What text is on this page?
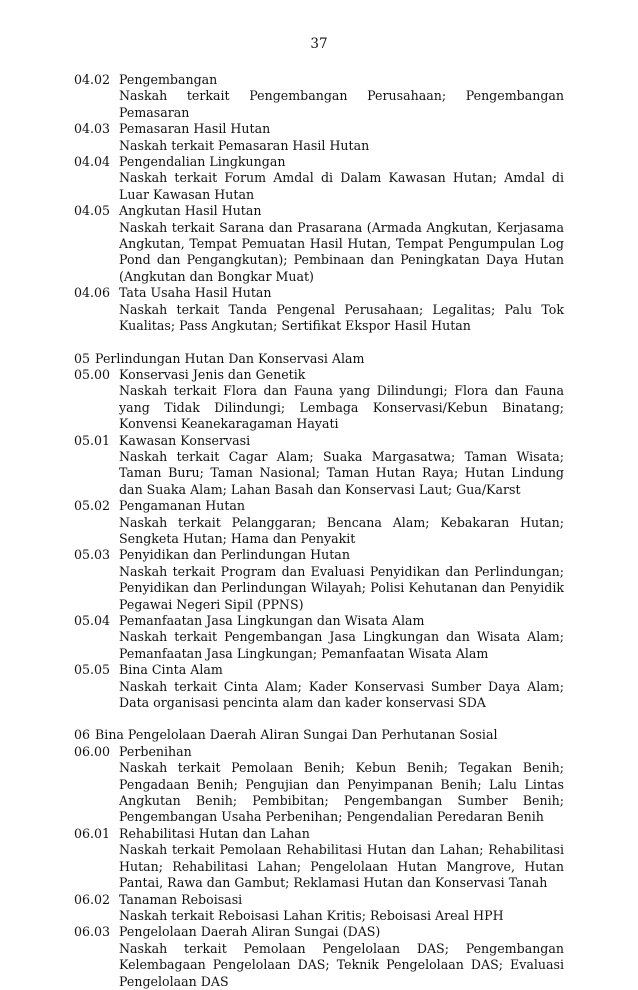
37
04.02 Pengembangan
Naskah terkait Pengembangan Perusahaan; Pengembangan Pemasaran
04.03 Pemasaran Hasil Hutan
Naskah terkait Pemasaran Hasil Hutan
04.04 Pengendalian Lingkungan
Naskah terkait Forum Amdal di Dalam Kawasan Hutan; Amdal di Luar Kawasan Hutan
04.05 Angkutan Hasil Hutan
Naskah terkait Sarana dan Prasarana (Armada Angkutan, Kerjasama Angkutan, Tempat Pemuatan Hasil Hutan, Tempat Pengumpulan Log Pond dan Pengangkutan); Pembinaan dan Peningkatan Daya Hutan (Angkutan dan Bongkar Muat)
04.06 Tata Usaha Hasil Hutan
Naskah terkait Tanda Pengenal Perusahaan; Legalitas; Palu Tok Kualitas; Pass Angkutan; Sertifikat Ekspor Hasil Hutan
05 Perlindungan Hutan Dan Konservasi Alam
05.00 Konservasi Jenis dan Genetik
Naskah terkait Flora dan Fauna yang Dilindungi; Flora dan Fauna yang Tidak Dilindungi; Lembaga Konservasi/Kebun Binatang; Konvensi Keanekaragaman Hayati
05.01 Kawasan Konservasi
Naskah terkait Cagar Alam; Suaka Margasatwa; Taman Wisata; Taman Buru; Taman Nasional; Taman Hutan Raya; Hutan Lindung dan Suaka Alam; Lahan Basah dan Konservasi Laut; Gua/Karst
05.02 Pengamanan Hutan
Naskah terkait Pelanggaran; Bencana Alam; Kebakaran Hutan; Sengketa Hutan; Hama dan Penyakit
05.03 Penyidikan dan Perlindungan Hutan
Naskah terkait Program dan Evaluasi Penyidikan dan Perlindungan; Penyidikan dan Perlindungan Wilayah; Polisi Kehutanan dan Penyidik Pegawai Negeri Sipil (PPNS)
05.04 Pemanfaatan Jasa Lingkungan dan Wisata Alam
Naskah terkait Pengembangan Jasa Lingkungan dan Wisata Alam; Pemanfaatan Jasa Lingkungan; Pemanfaatan Wisata Alam
05.05 Bina Cinta Alam
Naskah terkait Cinta Alam; Kader Konservasi Sumber Daya Alam; Data organisasi pencinta alam dan kader konservasi SDA
06 Bina Pengelolaan Daerah Aliran Sungai Dan Perhutanan Sosial
06.00 Perbenihan
Naskah terkait Pemolaan Benih; Kebun Benih; Tegakan Benih; Pengadaan Benih; Pengujian dan Penyimpanan Benih; Lalu Lintas Angkutan Benih; Pembibitan; Pengembangan Sumber Benih; Pengembangan Usaha Perbenihan; Pengendalian Peredaran Benih
06.01 Rehabilitasi Hutan dan Lahan
Naskah terkait Pemolaan Rehabilitasi Hutan dan Lahan; Rehabilitasi Hutan; Rehabilitasi Lahan; Pengelolaan Hutan Mangrove, Hutan Pantai, Rawa dan Gambut; Reklamasi Hutan dan Konservasi Tanah
06.02 Tanaman Reboisasi
Naskah terkait Reboisasi Lahan Kritis; Reboisasi Areal HPH
06.03 Pengelolaan Daerah Aliran Sungai (DAS)
Naskah terkait Pemolaan Pengelolaan DAS; Pengembangan Kelembagaan Pengelolaan DAS; Teknik Pengelolaan DAS; Evaluasi Pengelolaan DAS
